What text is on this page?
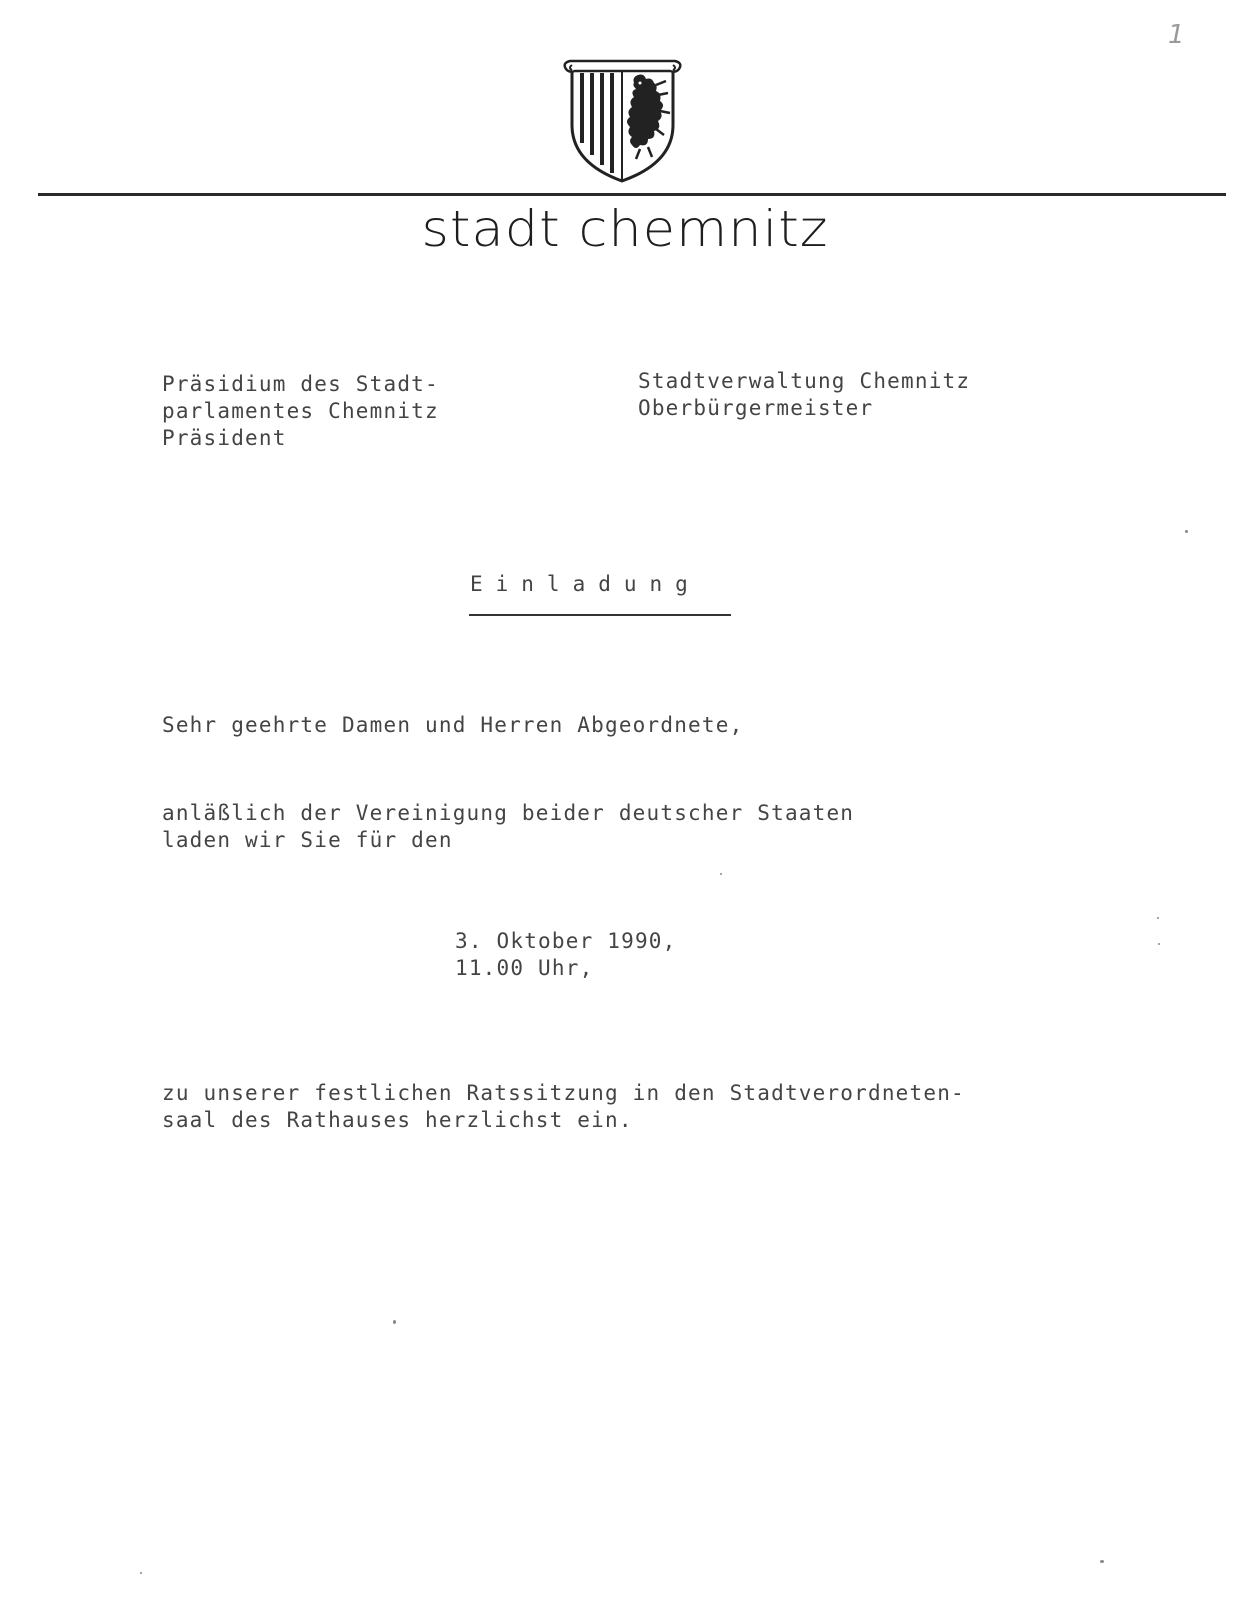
1
stadt chemnitz
Präsidium des Stadt-
parlamentes Chemnitz
Präsident
Stadtverwaltung Chemnitz
Oberbürgermeister
Einladung
Sehr geehrte Damen und Herren Abgeordnete,
anläßlich der Vereinigung beider deutscher Staaten
laden wir Sie für den
3. Oktober 1990,
11.00 Uhr,
zu unserer festlichen Ratssitzung in den Stadtverordneten-
saal des Rathauses herzlichst ein.
